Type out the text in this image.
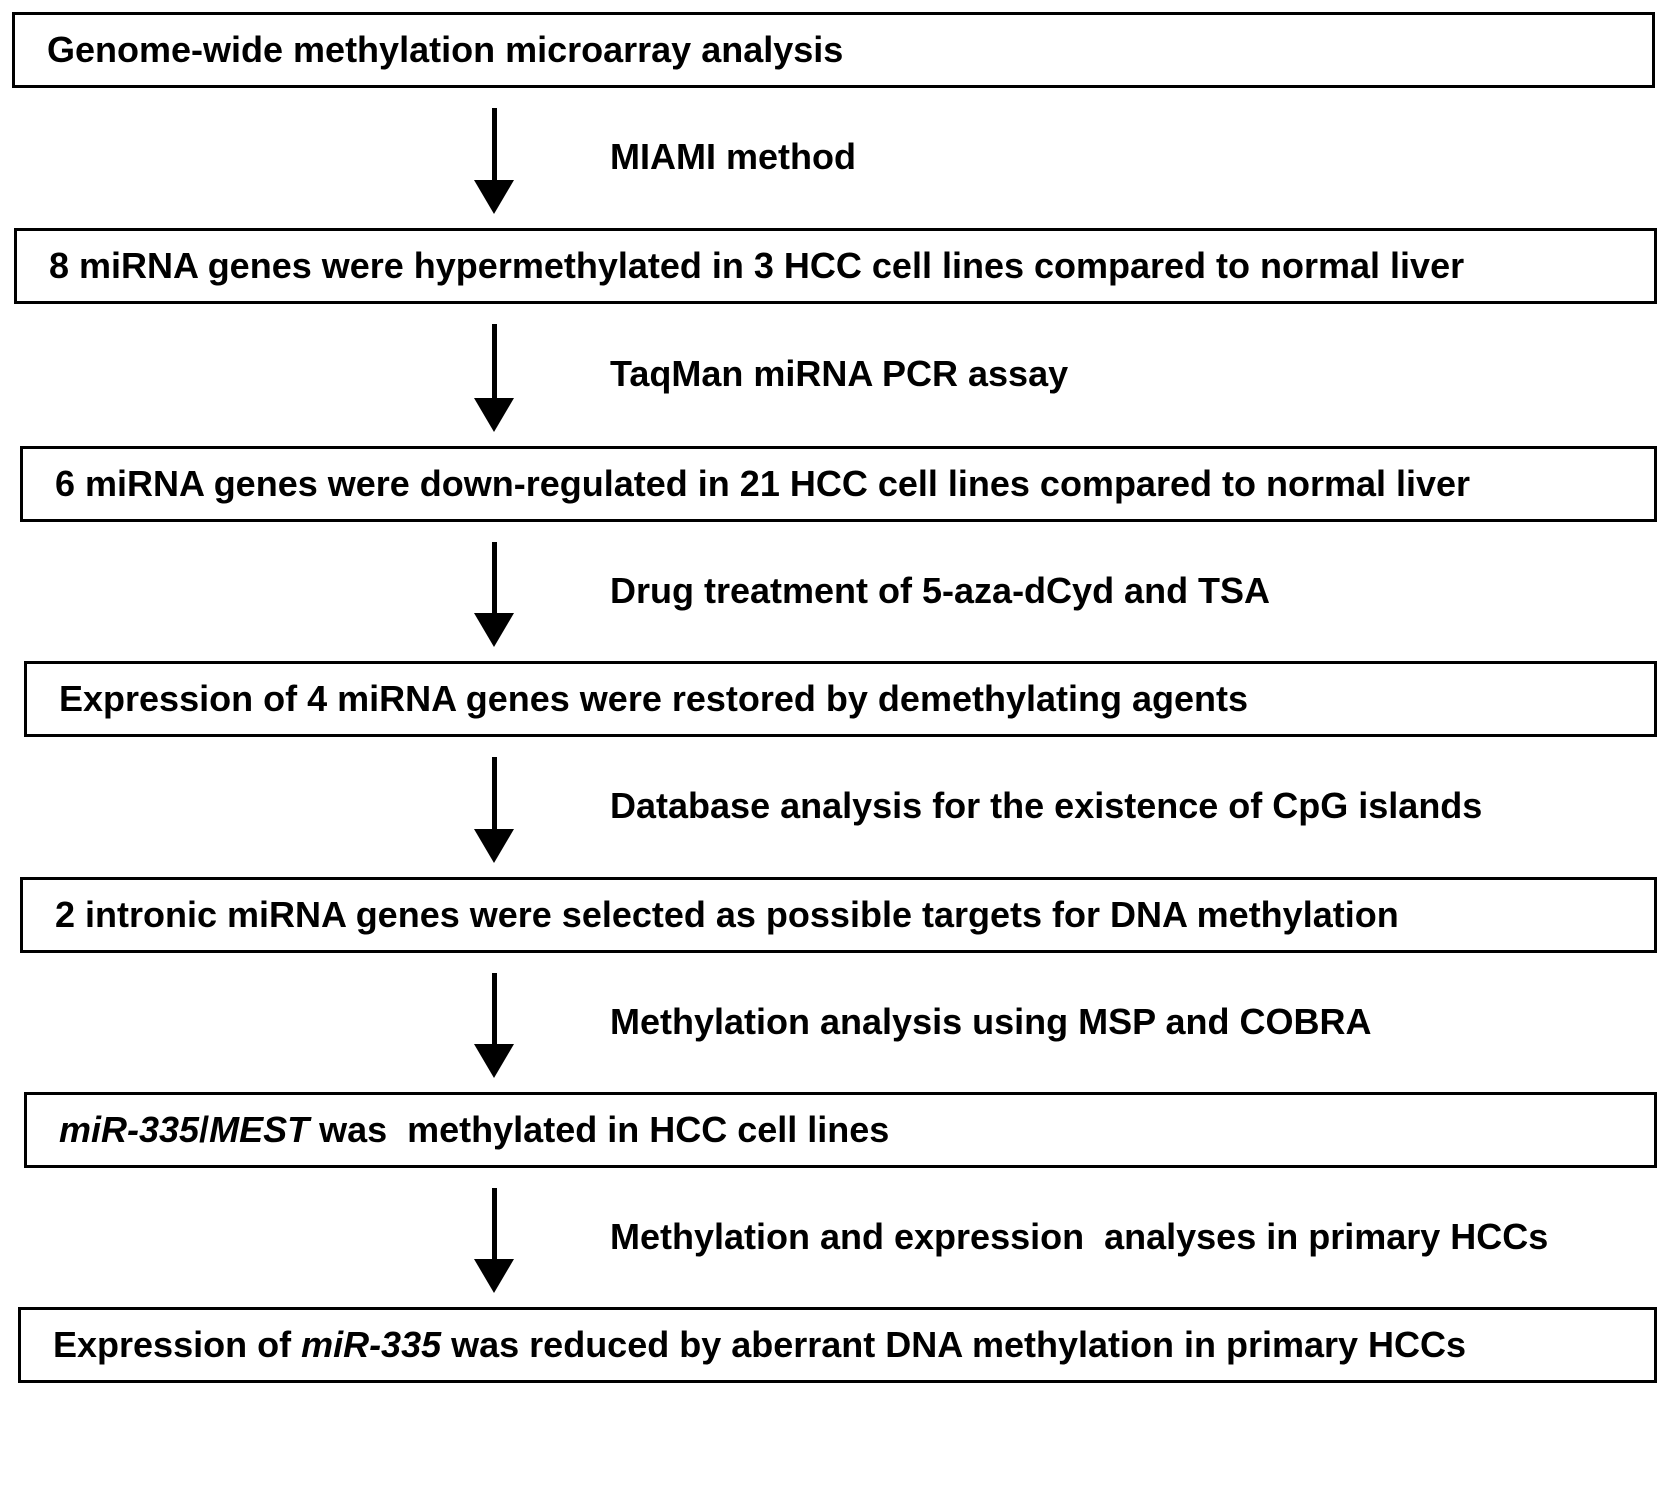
Genome-wide methylation microarray analysis
8 miRNA genes were hypermethylated in 3 HCC cell lines compared to normal liver
6 miRNA genes were down-regulated in 21 HCC cell lines compared to normal liver
Expression of 4 miRNA genes were restored by demethylating agents
2 intronic miRNA genes were selected as possible targets for DNA methylation
miR-335/MEST was  methylated in HCC cell lines
Expression of miR-335 was reduced by aberrant DNA methylation in primary HCCs
MIAMI method
TaqMan miRNA PCR assay
Drug treatment of 5-aza-dCyd and TSA
Database analysis for the existence of CpG islands
Methylation analysis using MSP and COBRA
Methylation and expression  analyses in primary HCCs
